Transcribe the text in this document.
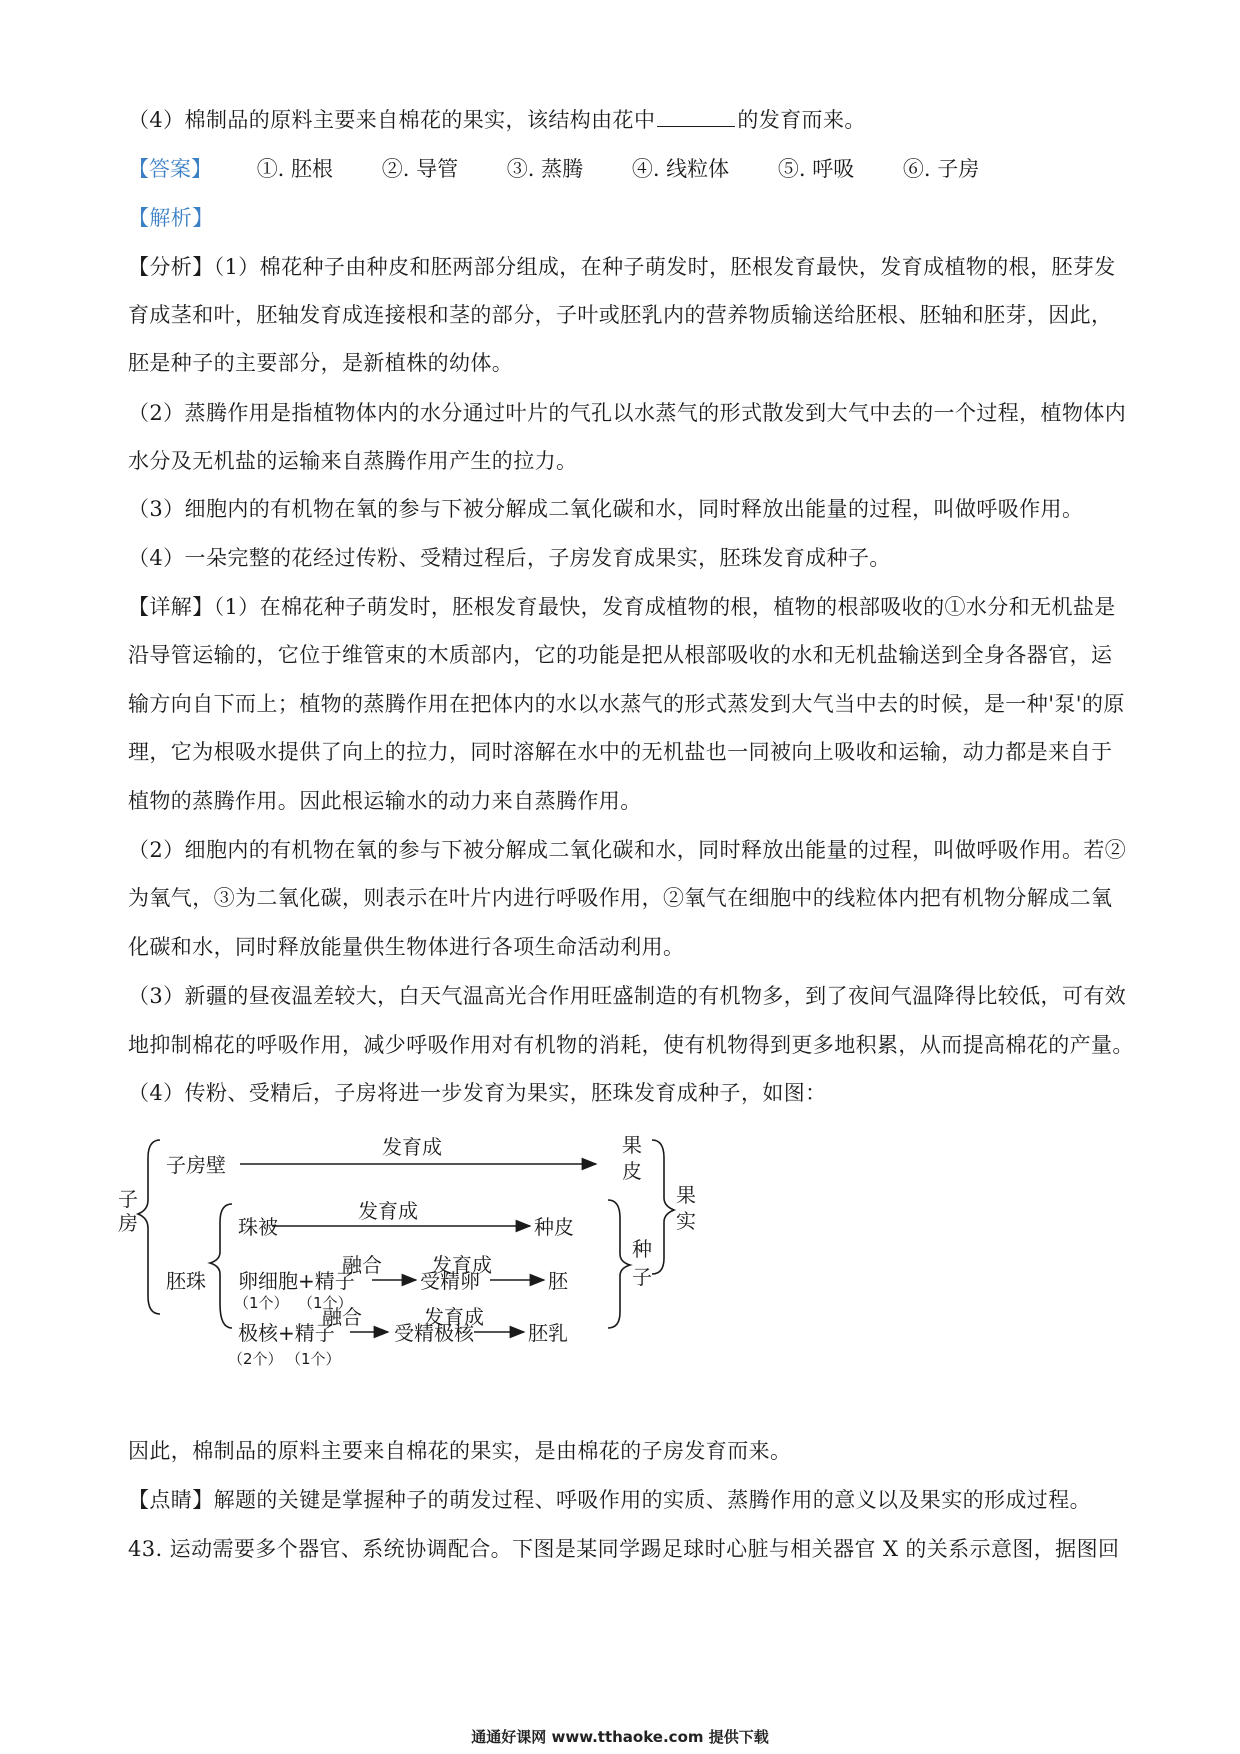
（4）棉制品的原料主要来自棉花的果实，该结构由花中	的发育而来。
【答案】 ①. 胚根 ②. 导管 ③. 蒸腾 ④. 线粒体 ⑤. 呼吸 ⑥. 子房
【解析】
【分析】（1）棉花种子由种皮和胚两部分组成，在种子萌发时，胚根发育最快，发育成植物的根，胚芽发
育成茎和叶，胚轴发育成连接根和茎的部分，子叶或胚乳内的营养物质输送给胚根、胚轴和胚芽，因此，
胚是种子的主要部分，是新植株的幼体。
（2）蒸腾作用是指植物体内的水分通过叶片的气孔以水蒸气的形式散发到大气中去的一个过程，植物体内
水分及无机盐的运输来自蒸腾作用产生的拉力。
（3）细胞内的有机物在氧的参与下被分解成二氧化碳和水，同时释放出能量的过程，叫做呼吸作用。
（4）一朵完整的花经过传粉、受精过程后，子房发育成果实，胚珠发育成种子。
【详解】（1）在棉花种子萌发时，胚根发育最快，发育成植物的根，植物的根部吸收的①水分和无机盐是
沿导管运输的，它位于维管束的木质部内，它的功能是把从根部吸收的水和无机盐输送到全身各器官，运
输方向自下而上；植物的蒸腾作用在把体内的水以水蒸气的形式蒸发到大气当中去的时候，是一种'泵'的原
理，它为根吸水提供了向上的拉力，同时溶解在水中的无机盐也一同被向上吸收和运输，动力都是来自于
植物的蒸腾作用。因此根运输水的动力来自蒸腾作用。
（2）细胞内的有机物在氧的参与下被分解成二氧化碳和水，同时释放出能量的过程，叫做呼吸作用。若②
为氧气，③为二氧化碳，则表示在叶片内进行呼吸作用，②氧气在细胞中的线粒体内把有机物分解成二氧
化碳和水，同时释放能量供生物体进行各项生命活动利用。
（3）新疆的昼夜温差较大，白天气温高光合作用旺盛制造的有机物多，到了夜间气温降得比较低，可有效
地抑制棉花的呼吸作用，减少呼吸作用对有机物的消耗，使有机物得到更多地积累，从而提高棉花的产量。
（4）传粉、受精后，子房将进一步发育为果实，胚珠发育成种子，如图：
子
房
子房壁
发育成	果
皮
果
实
珠被
发育成
种皮
胚珠 卵细胞+精子
融合
受精卵
发育成
胚
种
子
极核+精子
融合
受精极核
发育成
胚乳
（1个） （1个）
（2个） （1个）
因此，棉制品的原料主要来自棉花的果实，是由棉花的子房发育而来。
【点睛】解题的关键是掌握种子的萌发过程、呼吸作用的实质、蒸腾作用的意义以及果实的形成过程。
43. 运动需要多个器官、系统协调配合。下图是某同学踢足球时心脏与相关器官 X 的关系示意图，据图回
通通好课网 www.tthaoke.com 提供下载
